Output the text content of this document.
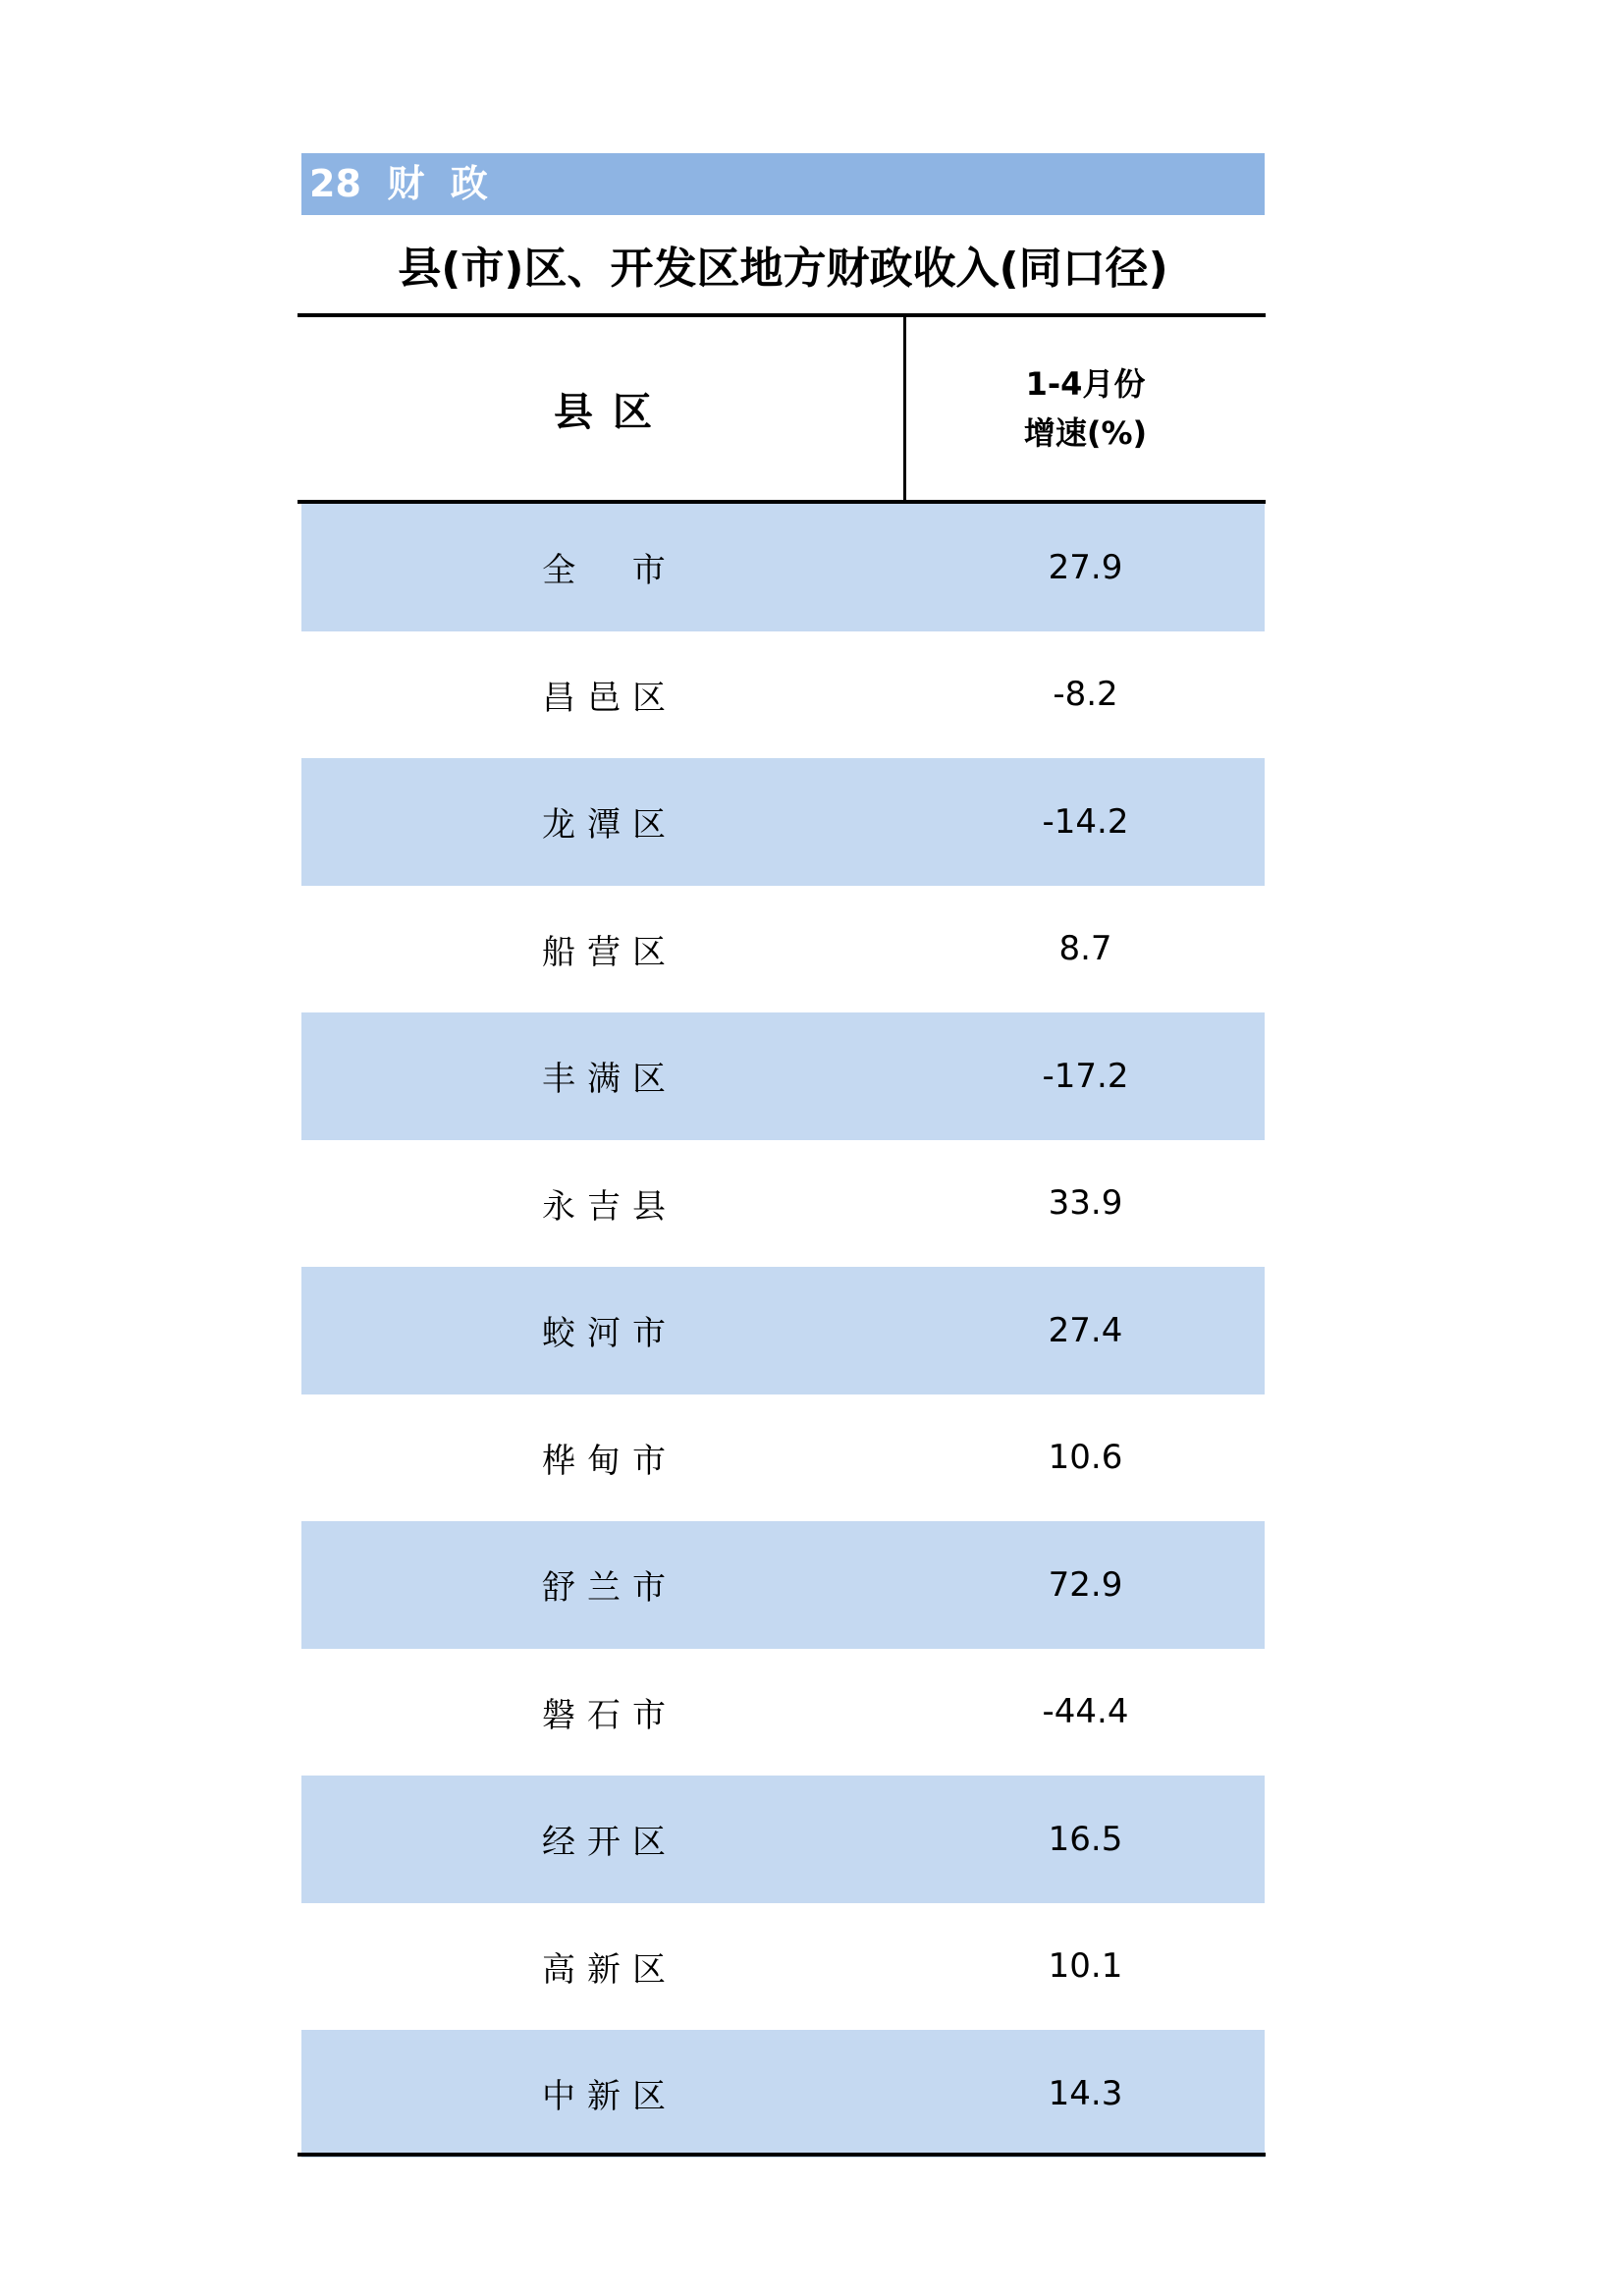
28  财  政
县(市)区、开发区地方财政收入(同口径)
县区
1-4月份
增速(%)
全  市	27.9
昌邑区	-8.2
龙潭区	-14.2
船营区	8.7
丰满区	-17.2
永吉县	33.9
蛟河市	27.4
桦甸市	10.6
舒兰市	72.9
磐石市	-44.4
经开区	16.5
高新区	10.1
中新区	14.3
